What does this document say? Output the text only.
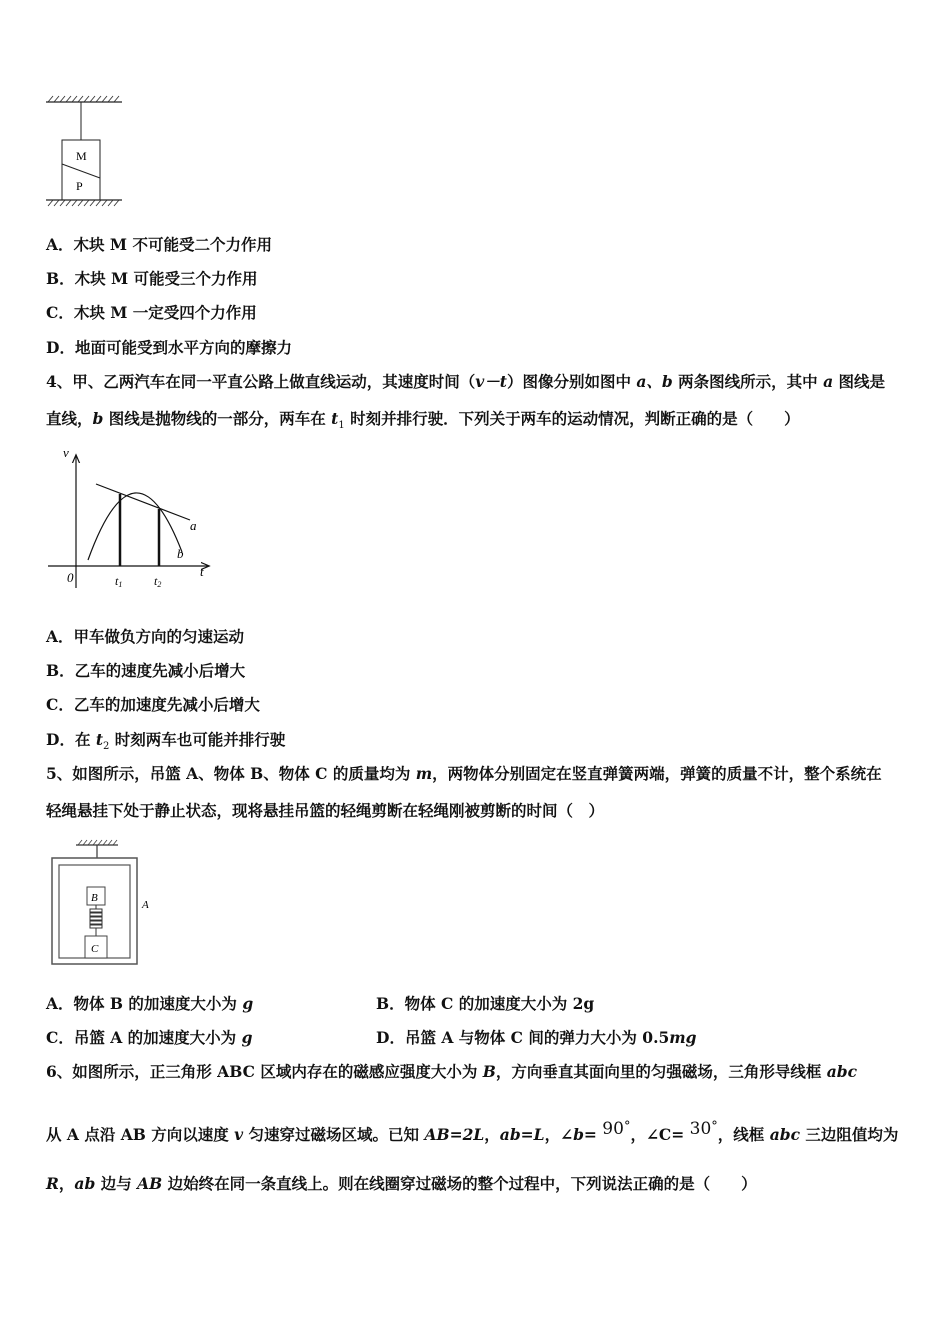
M
P
A．木块 M 不可能受二个力作用
B．木块 M 可能受三个力作用
C．木块 M 一定受四个力作用
D．地面可能受到水平方向的摩擦力
4、甲、乙两汽车在同一平直公路上做直线运动，其速度时间（v－t）图像分别如图中 a、b 两条图线所示，其中 a 图线是
直线，b 图线是抛物线的一部分，两车在 $t_1$ 时刻并排行驶．下列关于两车的运动情况，判断正确的是（　　）
v
t
0
a
b
t1	t2
A．甲车做负方向的匀速运动
B．乙车的速度先减小后增大
C．乙车的加速度先减小后增大
D．在 $t_2$ 时刻两车也可能并排行驶
5、如图所示，吊篮 A、物体 B、物体 C 的质量均为 m，两物体分别固定在竖直弹簧两端，弹簧的质量不计，整个系统在
轻绳悬挂下处于静止状态，现将悬挂吊篮的轻绳剪断在轻绳刚被剪断的时间（　）
B
C
A
A．物体 B 的加速度大小为 g	B．物体 C 的加速度大小为 2g
C．吊篮 A 的加速度大小为 g	D．吊篮 A 与物体 C 间的弹力大小为 0.5mg
6、如图所示，正三角形 ABC 区域内存在的磁感应强度大小为 B，方向垂直其面向里的匀强磁场，三角形导线框 abc
从 A 点沿 AB 方向以速度 v 匀速穿过磁场区域。已知 AB=2L，ab=L，∠b= 90°，∠C= 30°，线框 abc 三边阻值均为
R，ab 边与 AB 边始终在同一条直线上。则在线圈穿过磁场的整个过程中，下列说法正确的是（　　）
